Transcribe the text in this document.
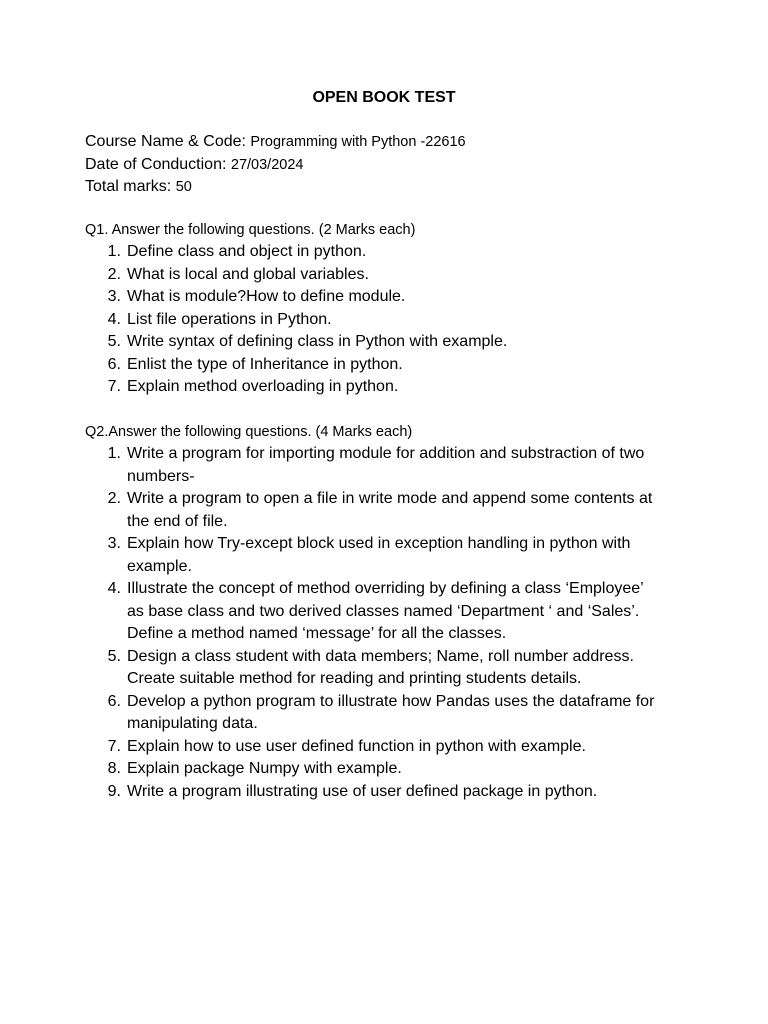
OPEN BOOK TEST
Course Name & Code: Programming with Python -22616
Date of Conduction: 27/03/2024
Total marks: 50
Q1. Answer the following questions. (2 Marks each)
1. Define class and object in python.
2. What is local and global variables.
3. What is module?How to define module.
4. List file operations in Python.
5. Write syntax of defining class in Python with example.
6. Enlist the type of Inheritance in python.
7. Explain method overloading in python.
Q2.Answer the following questions. (4 Marks each)
1. Write a program for importing module for addition and substraction of two numbers-
2. Write a program to open a file in write mode and append some contents at the end of file.
3. Explain how Try-except block used in exception handling in python with example.
4. Illustrate the concept of method overriding by defining a class ‘Employee’ as base class and two derived classes named ‘Department ‘ and ‘Sales’. Define a method named ‘message’ for all the classes.
5. Design a class student with data members; Name, roll number address. Create suitable method for reading and printing students details.
6. Develop a python program to illustrate how Pandas uses the dataframe for manipulating data.
7. Explain how to use user defined function in python with example.
8. Explain package Numpy with example.
9. Write a program illustrating use of user defined package in python.
